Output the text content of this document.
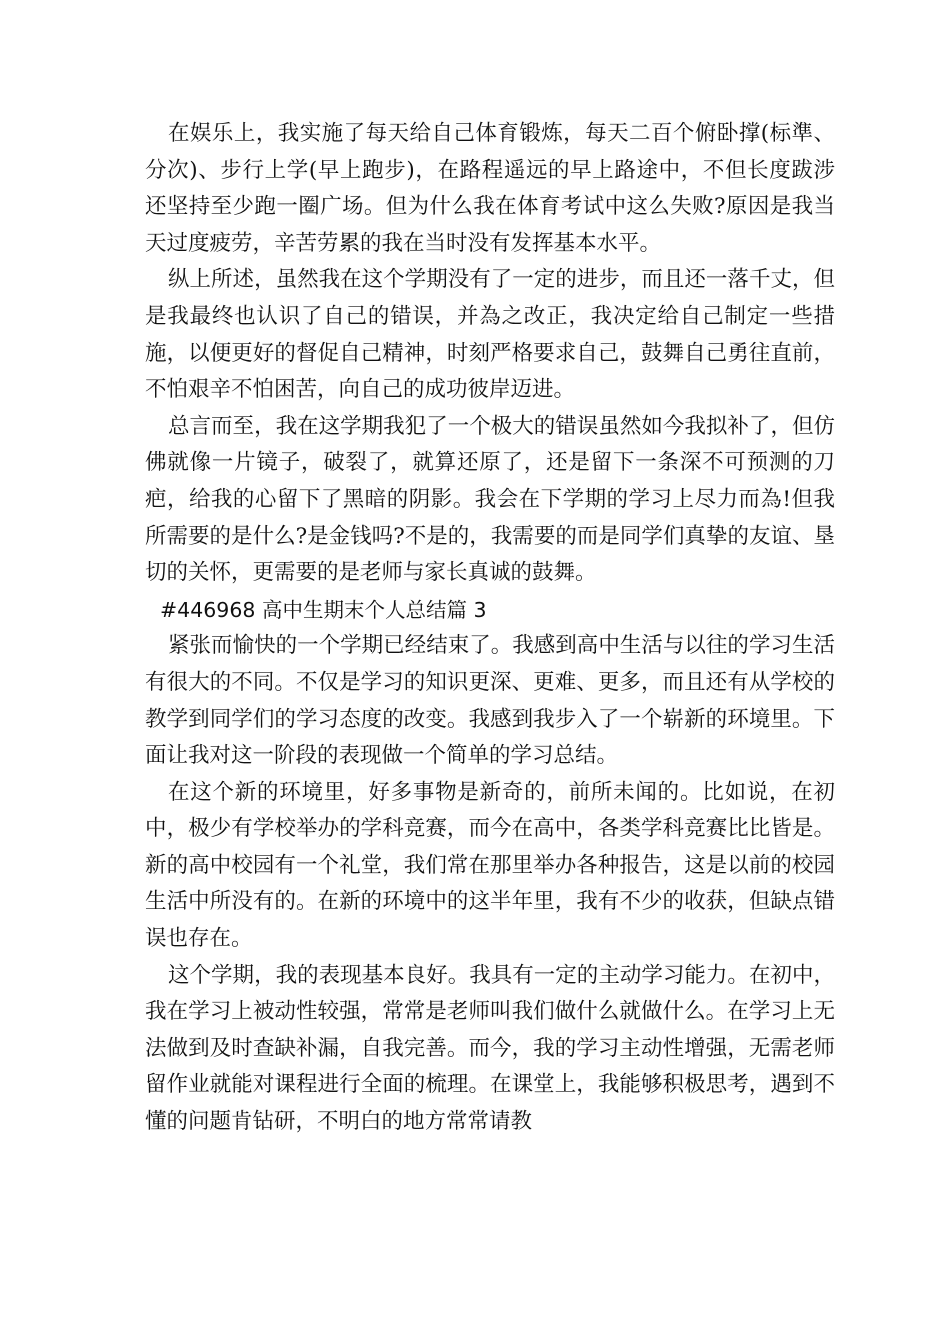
在娱乐上，我实施了每天给自己体育锻炼，每天二百个俯卧撑(标準、分次)、步行上学(早上跑步)，在路程遥远的早上路途中，不但长度跋涉还坚持至少跑一圈广场。但为什么我在体育考试中这么失败?原因是我当天过度疲劳，辛苦劳累的我在当时没有发挥基本水平。

纵上所述，虽然我在这个学期没有了一定的进步，而且还一落千丈，但是我最终也认识了自己的错误，并為之改正，我决定给自己制定一些措施，以便更好的督促自己精神，时刻严格要求自己，鼓舞自己勇往直前，不怕艰辛不怕困苦，向自己的成功彼岸迈进。

总言而至，我在这学期我犯了一个极大的错误虽然如今我拟补了，但仿佛就像一片镜子，破裂了，就算还原了，还是留下一条深不可预测的刀疤，给我的心留下了黑暗的阴影。我会在下学期的学习上尽力而為!但我所需要的是什么?是金钱吗?不是的，我需要的而是同学们真挚的友谊、垦切的关怀，更需要的是老师与家长真诚的鼓舞。

#446968 高中生期末个人总结篇 3

紧张而愉快的一个学期已经结束了。我感到高中生活与以往的学习生活有很大的不同。不仅是学习的知识更深、更难、更多，而且还有从学校的教学到同学们的学习态度的改变。我感到我步入了一个崭新的环境里。下面让我对这一阶段的表现做一个简单的学习总结。

在这个新的环境里，好多事物是新奇的，前所未闻的。比如说，在初中，极少有学校举办的学科竞赛，而今在高中，各类学科竞赛比比皆是。新的高中校园有一个礼堂，我们常在那里举办各种报告，这是以前的校园生活中所没有的。在新的环境中的这半年里，我有不少的收获，但缺点错误也存在。

这个学期，我的表现基本良好。我具有一定的主动学习能力。在初中，我在学习上被动性较强，常常是老师叫我们做什么就做什么。在学习上无法做到及时查缺补漏，自我完善。而今，我的学习主动性增强，无需老师留作业就能对课程进行全面的梳理。在课堂上，我能够积极思考，遇到不懂的问题肯钻研，不明白的地方常常请教
